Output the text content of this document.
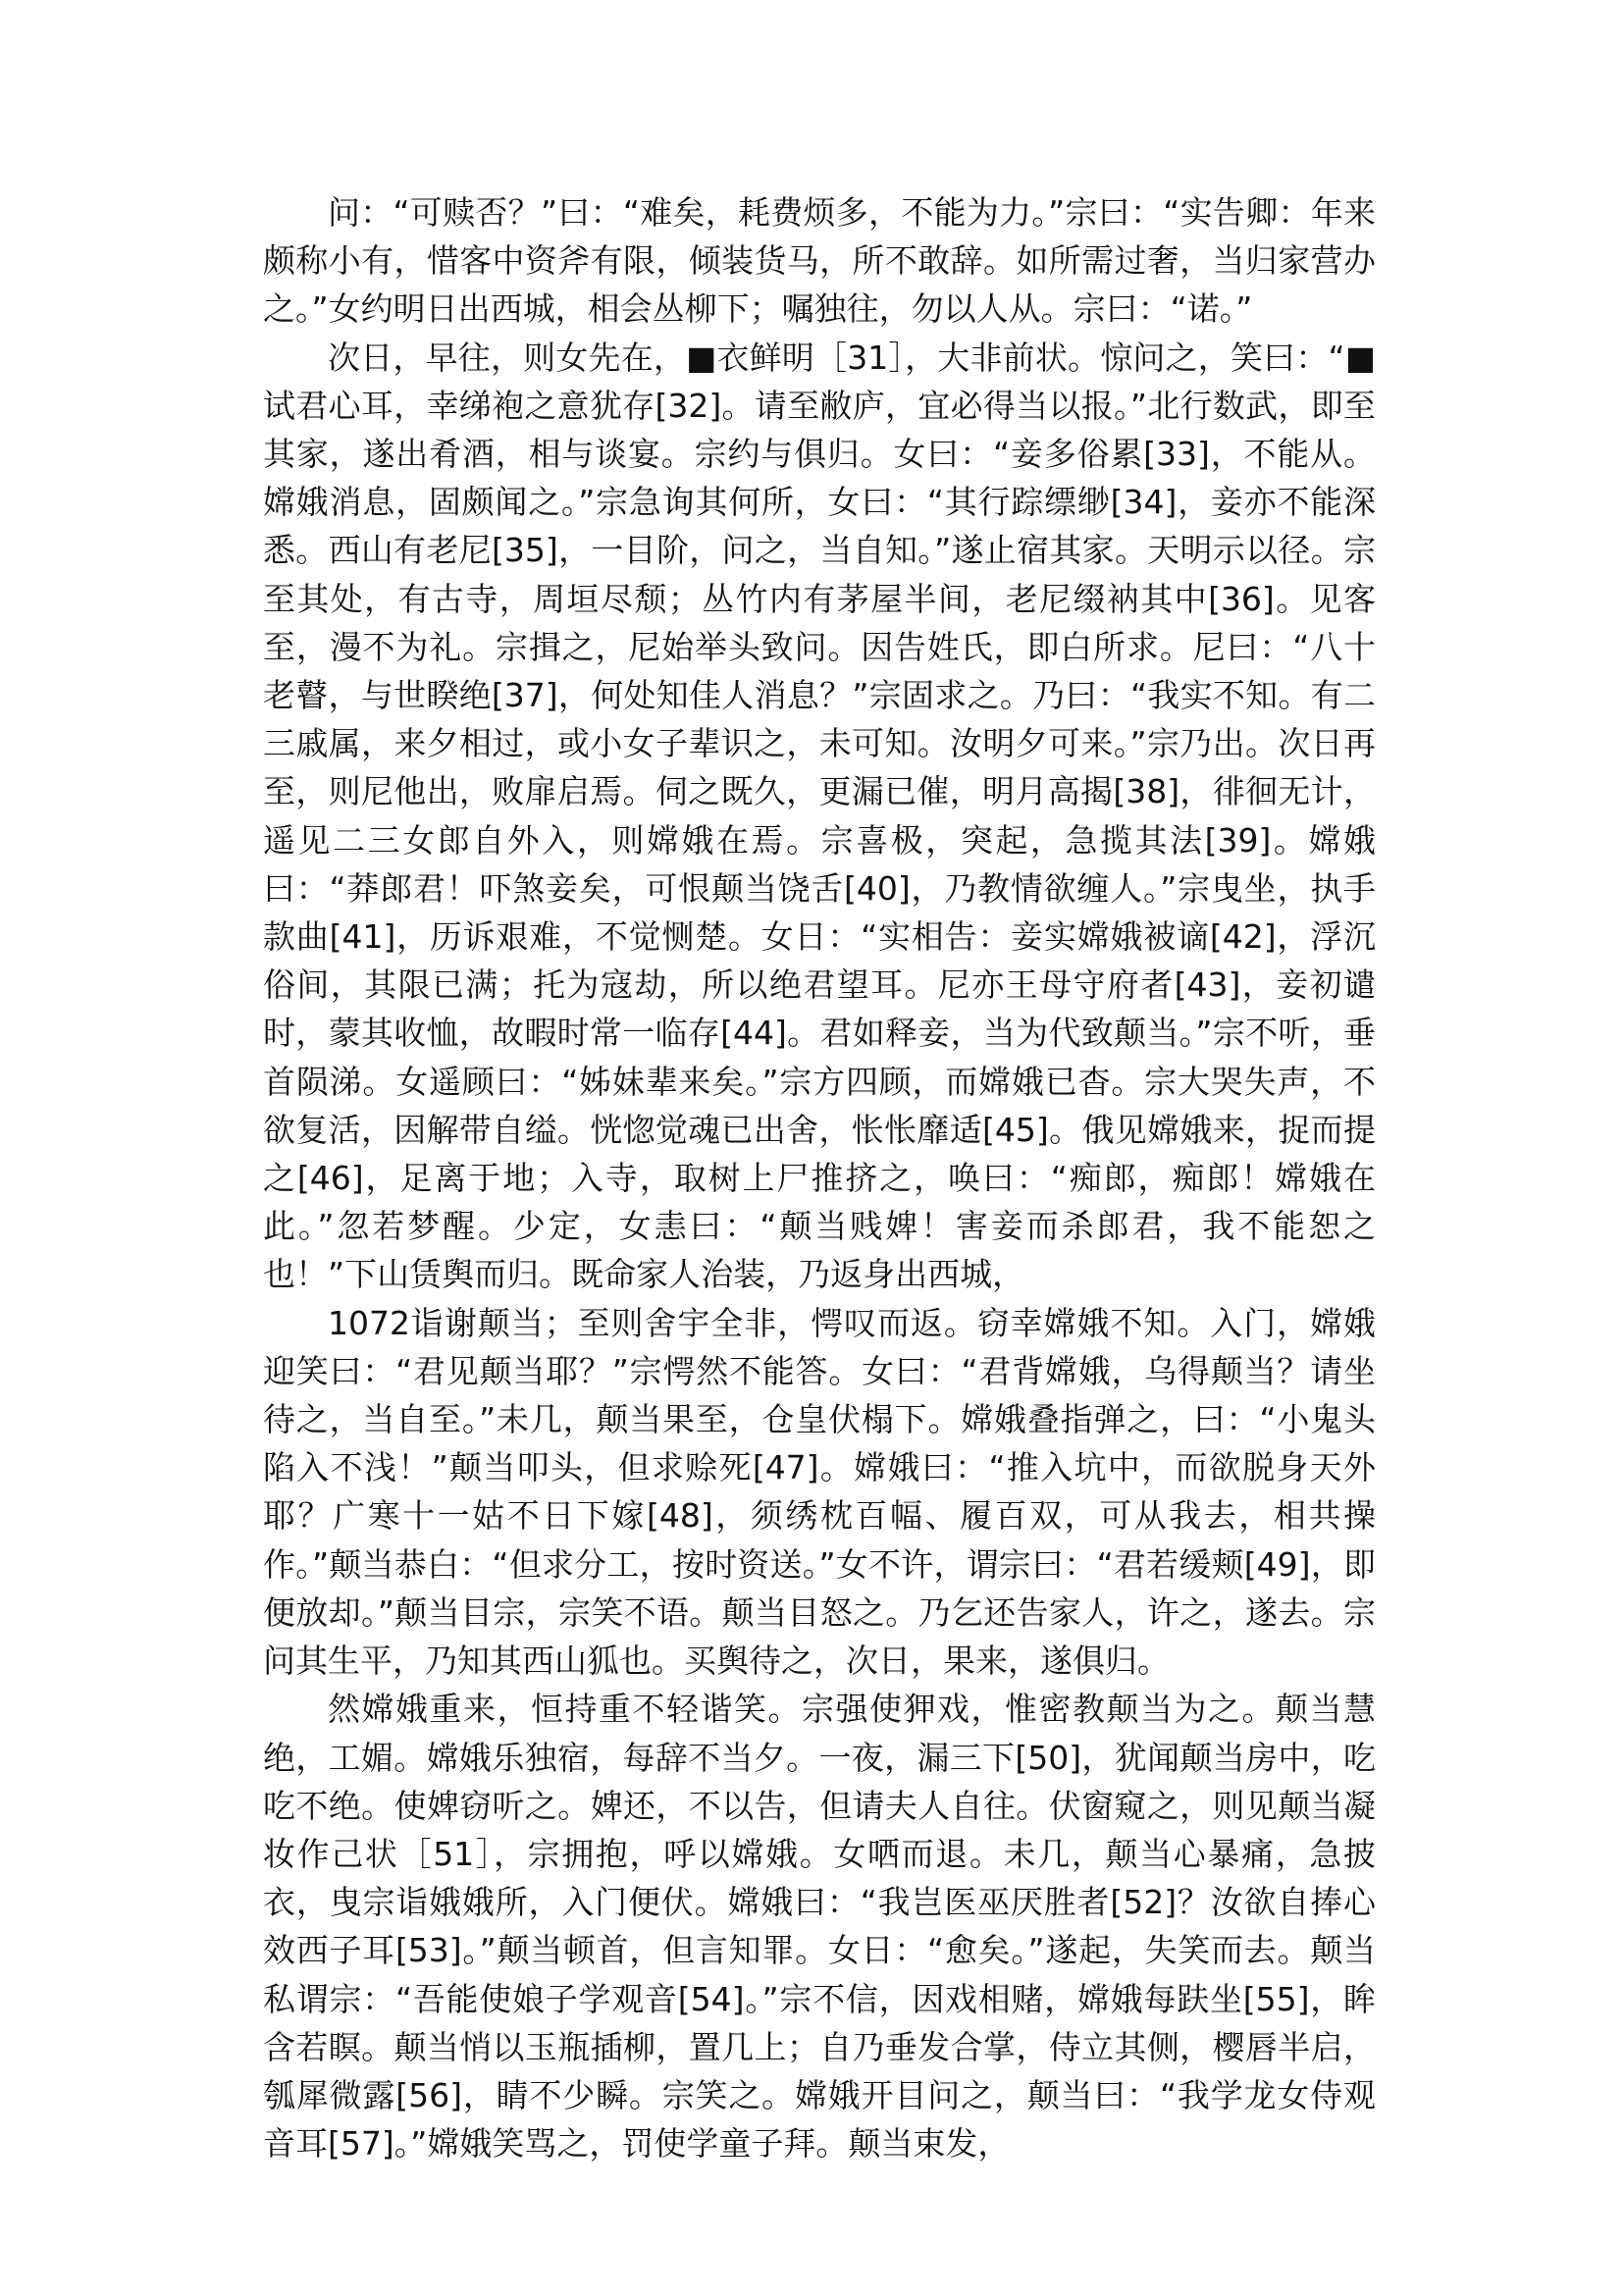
问：“可赎否？”曰：“难矣，耗费烦多，不能为力。”宗曰：“实告卿：年来颇称小有，惜客中资斧有限，倾装货马，所不敢辞。如所需过奢，当归家营办之。”女约明日出西城，相会丛柳下；嘱独往，勿以人从。宗曰：“诺。”

次日，早往，则女先在，■衣鲜明［31］，大非前状。惊问之，笑曰：“■试君心耳，幸绨袍之意犹存[32]。请至敝庐，宜必得当以报。”北行数武，即至其家，遂出肴酒，相与谈宴。宗约与俱归。女曰：“妾多俗累[33]，不能从。嫦娥消息，固颇闻之。”宗急询其何所，女曰：“其行踪缥缈[34]，妾亦不能深悉。西山有老尼[35]，一目阶，问之，当自知。”遂止宿其家。天明示以径。宗至其处，有古寺，周垣尽颓；丛竹内有茅屋半间，老尼缀衲其中[36]。见客至，漫不为礼。宗揖之，尼始举头致问。因告姓氏，即白所求。尼曰：“八十老瞽，与世睽绝[37]，何处知佳人消息？”宗固求之。乃曰：“我实不知。有二三戚属，来夕相过，或小女子辈识之，未可知。汝明夕可来。”宗乃出。次日再至，则尼他出，败扉启焉。伺之既久，更漏已催，明月高揭[38]，徘徊无计，遥见二三女郎自外入，则嫦娥在焉。宗喜极，突起，急揽其法[39]。嫦娥曰：“莽郎君！吓煞妾矣，可恨颠当饶舌[40]，乃教情欲缠人。”宗曳坐，执手款曲[41]，历诉艰难，不觉恻楚。女日：“实相告：妾实嫦娥被谪[42]，浮沉俗间，其限已满；托为寇劫，所以绝君望耳。尼亦王母守府者[43]，妾初谴时，蒙其收恤，故暇时常一临存[44]。君如释妾，当为代致颠当。”宗不听，垂首陨涕。女遥顾曰：“姊妹辈来矣。”宗方四顾，而嫦娥已杳。宗大哭失声，不欲复活，因解带自缢。恍惚觉魂已出舍，怅怅靡适[45]。俄见嫦娥来，捉而提之[46]，足离于地；入寺，取树上尸推挤之，唤曰：“痴郎，痴郎！嫦娥在此。”忽若梦醒。少定，女恚曰：“颠当贱婢！害妾而杀郎君，我不能恕之也！”下山赁舆而归。既命家人治装，乃返身出西城，

1072诣谢颠当；至则舍宇全非，愕叹而返。窃幸嫦娥不知。入门，嫦娥迎笑曰：“君见颠当耶？”宗愕然不能答。女曰：“君背嫦娥，乌得颠当？请坐待之，当自至。”未几，颠当果至，仓皇伏榻下。嫦娥叠指弹之，曰：“小鬼头陷入不浅！”颠当叩头，但求赊死[47]。嫦娥曰：“推入坑中，而欲脱身天外耶？广寒十一姑不日下嫁[48]，须绣枕百幅、履百双，可从我去，相共操作。”颠当恭白：“但求分工，按时资送。”女不许，谓宗曰：“君若缓颊[49]，即便放却。”颠当目宗，宗笑不语。颠当目怒之。乃乞还告家人，许之，遂去。宗问其生平，乃知其西山狐也。买舆待之，次日，果来，遂俱归。

然嫦娥重来，恒持重不轻谐笑。宗强使狎戏，惟密教颠当为之。颠当慧绝，工媚。嫦娥乐独宿，每辞不当夕。一夜，漏三下[50]，犹闻颠当房中，吃吃不绝。使婢窃听之。婢还，不以告，但请夫人自往。伏窗窥之，则见颠当凝妆作己状［51］，宗拥抱，呼以嫦娥。女哂而退。未几，颠当心暴痛，急披衣，曳宗诣娥娥所，入门便伏。嫦娥曰：“我岂医巫厌胜者[52]？汝欲自捧心效西子耳[53]。”颠当顿首，但言知罪。女日：“愈矣。”遂起，失笑而去。颠当私谓宗：“吾能使娘子学观音[54]。”宗不信，因戏相赌，嫦娥每趺坐[55]，眸含若瞑。颠当悄以玉瓶插柳，置几上；自乃垂发合掌，侍立其侧，樱唇半启，瓠犀微露[56]，睛不少瞬。宗笑之。嫦娥开目问之，颠当曰：“我学龙女侍观音耳[57]。”嫦娥笑骂之，罚使学童子拜。颠当束发，
